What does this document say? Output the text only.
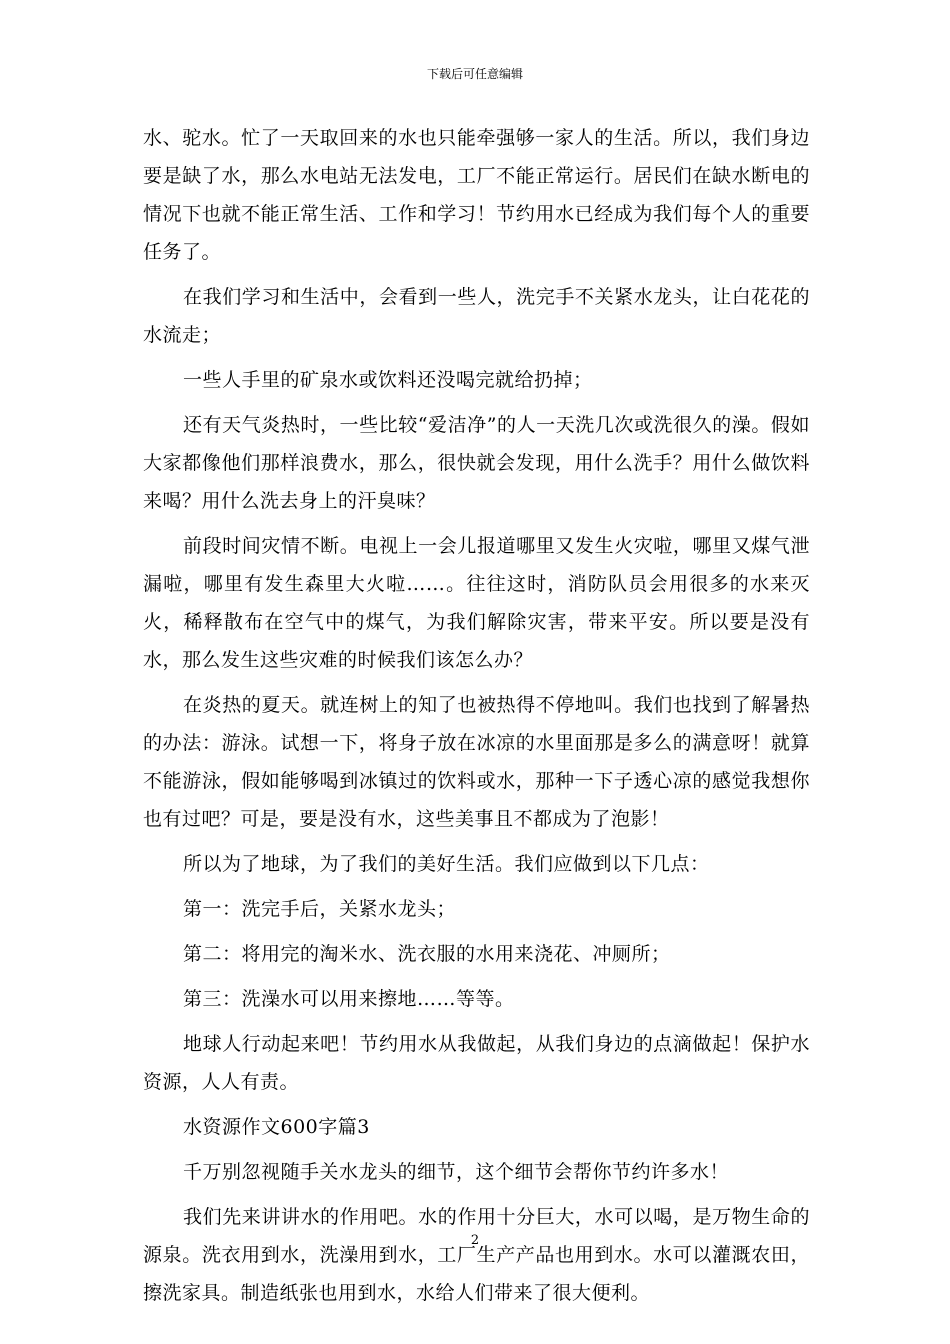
下载后可任意编辑

水、驼水。忙了一天取回来的水也只能牵强够一家人的生活。所以，我们身边要是缺了水，那么水电站无法发电，工厂不能正常运行。居民们在缺水断电的情况下也就不能正常生活、工作和学习！节约用水已经成为我们每个人的重要任务了。

在我们学习和生活中，会看到一些人，洗完手不关紧水龙头，让白花花的水流走；

一些人手里的矿泉水或饮料还没喝完就给扔掉；

还有天气炎热时，一些比较“爱洁净”的人一天洗几次或洗很久的澡。假如大家都像他们那样浪费水，那么，很快就会发现，用什么洗手？用什么做饮料来喝？用什么洗去身上的汗臭味？

前段时间灾情不断。电视上一会儿报道哪里又发生火灾啦，哪里又煤气泄漏啦，哪里有发生森里大火啦……。往往这时，消防队员会用很多的水来灭火，稀释散布在空气中的煤气，为我们解除灾害，带来平安。所以要是没有水，那么发生这些灾难的时候我们该怎么办？

在炎热的夏天。就连树上的知了也被热得不停地叫。我们也找到了解暑热的办法：游泳。试想一下，将身子放在冰凉的水里面那是多么的满意呀！就算不能游泳，假如能够喝到冰镇过的饮料或水，那种一下子透心凉的感觉我想你也有过吧？可是，要是没有水，这些美事且不都成为了泡影！

所以为了地球，为了我们的美好生活。我们应做到以下几点：

第一：洗完手后，关紧水龙头；

第二：将用完的淘米水、洗衣服的水用来浇花、冲厕所；

第三：洗澡水可以用来擦地……等等。

地球人行动起来吧！节约用水从我做起，从我们身边的点滴做起！保护水资源，人人有责。

水资源作文600字篇3

千万别忽视随手关水龙头的细节，这个细节会帮你节约许多水！

我们先来讲讲水的作用吧。水的作用十分巨大，水可以喝，是万物生命的源泉。洗衣用到水，洗澡用到水，工厂生产产品也用到水。水可以灌溉农田，擦洗家具。制造纸张也用到水，水给人们带来了很大便利。

2
